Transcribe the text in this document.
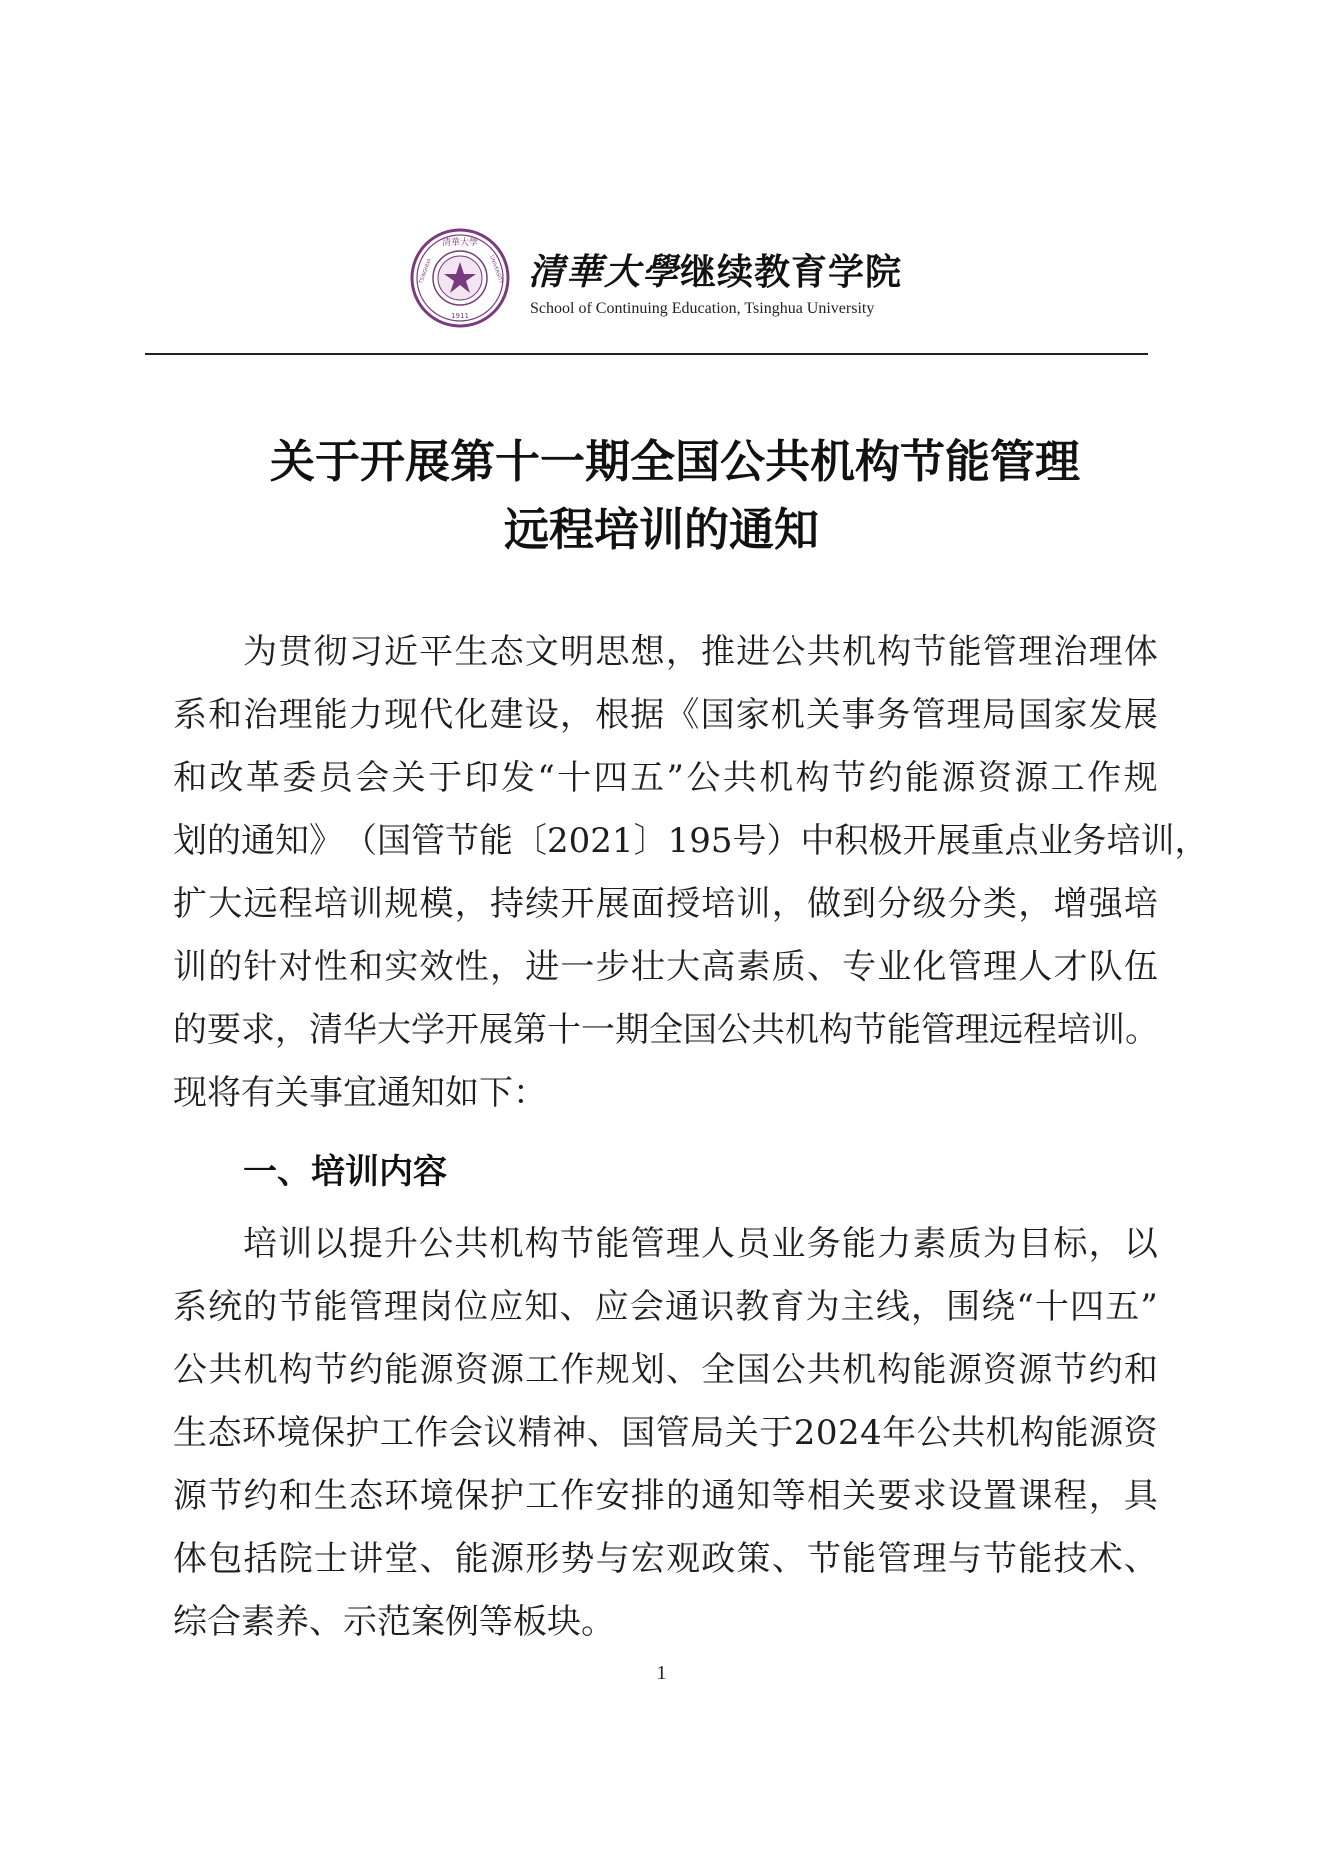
清華大學
1911
TSINGHUA	UNIVERSITY 清華大學继续教育学院
School of Continuing Education, Tsinghua University
关于开展第十一期全国公共机构节能管理
远程培训的通知
为 贯 彻 习 近 平 生 态 文 明 思 想 ， 推 进 公 共 机 构 节 能 管 理 治 理 体
系 和 治 理 能 力 现 代 化 建 设 ， 根 据 《 国 家 机 关 事 务 管 理 局 国 家 发 展
和 改 革 委 员 会 关 于 印 发 “ 十 四 五 ” 公 共 机 构 节 约 能 源 资 源 工 作 规
划 的 通 知 》 （ 国 管 节 能 〔 2 0 2 1 〕 1 9 5 号 ） 中 积 极 开 展 重 点 业 务 培 训 ，
扩 大 远 程 培 训 规 模 ， 持 续 开 展 面 授 培 训 ， 做 到 分 级 分 类 ， 增 强 培
训 的 针 对 性 和 实 效 性 ， 进 一 步 壮 大 高 素 质 、 专 业 化 管 理 人 才 队 伍
的 要 求 ， 清 华 大 学 开 展 第 十 一 期 全 国 公 共 机 构 节 能 管 理 远 程 培 训 。
现将有关事宜通知如下：
一、培训内容
培 训 以 提 升 公 共 机 构 节 能 管 理 人 员 业 务 能 力 素 质 为 目 标 ， 以
系 统 的 节 能 管 理 岗 位 应 知 、 应 会 通 识 教 育 为 主 线 ， 围 绕 “ 十 四 五 ”
公 共 机 构 节 约 能 源 资 源 工 作 规 划 、 全 国 公 共 机 构 能 源 资 源 节 约 和
生 态 环 境 保 护 工 作 会 议 精 神 、 国 管 局 关 于 2 0 2 4 年 公 共 机 构 能 源 资
源 节 约 和 生 态 环 境 保 护 工 作 安 排 的 通 知 等 相 关 要 求 设 置 课 程 ， 具
体 包 括 院 士 讲 堂 、 能 源 形 势 与 宏 观 政 策 、 节 能 管 理 与 节 能 技 术 、
综合素养、示范案例等板块。
1
